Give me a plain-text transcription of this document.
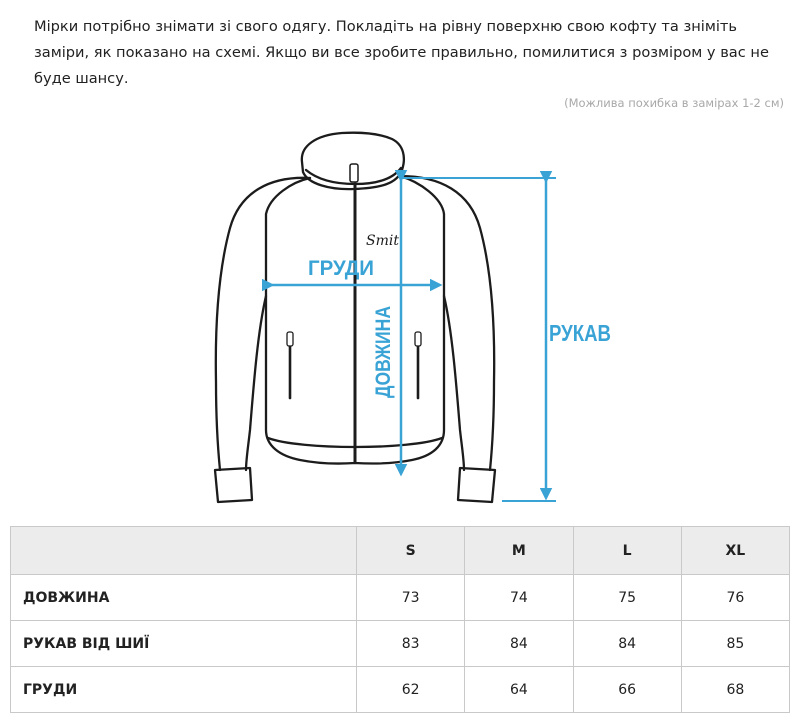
Мірки потрібно знімати зі свого одягу. Покладіть на рівну поверхню свою кофту та зніміть заміри, як показано на схемі. Якщо ви все зробите правильно, помилитися з розміром у вас не буде шансу.

(Можлива похибка в замірах 1-2 см)
Smit
ГРУДИ
ДОВЖИНА	РУКАВ
	S	M	L	XL
ДОВЖИНА	73	74	75	76
РУКАВ ВІД ШИЇ	83	84	84	85
ГРУДИ	62	64	66	68
